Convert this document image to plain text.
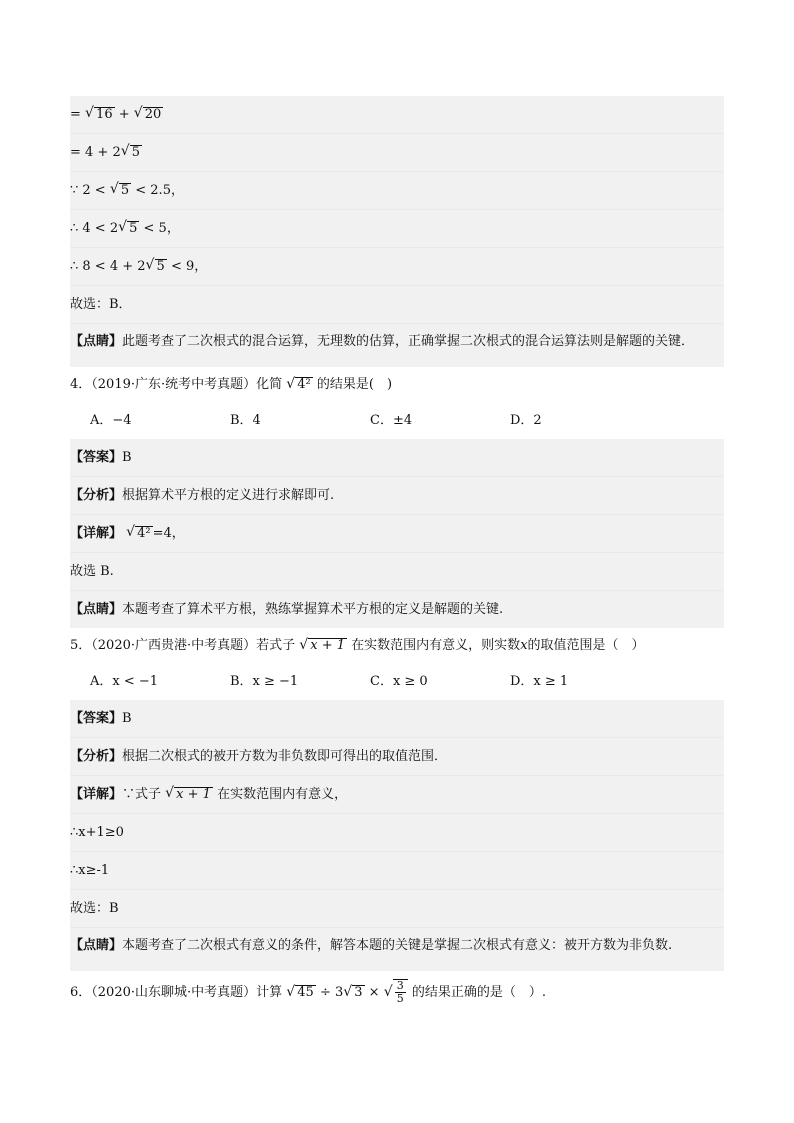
= √ 16 + √ 20
= 4 + 2 √ 5
∵ 2 < √ 5 < 2.5，
∴ 4 < 2 √ 5 < 5，
∴ 8 < 4 + 2 √ 5 < 9，
故选：B．
【点睛】此题考查了二次根式的混合运算，无理数的估算，正确掌握二次根式的混合运算法则是解题的关键．
4．（2019·广东·统考中考真题）化简 √ 4² 的结果是(　)
A．−4	B．4	C．±4	D．2
【答案】B
【分析】根据算术平方根的定义进行求解即可.
【详解】 √ 4² =4，
故选 B.
【点睛】本题考查了算术平方根，熟练掌握算术平方根的定义是解题的关键.
5．（2020·广西贵港·中考真题）若式子 √ x + 1 在实数范围内有意义，则实数x的取值范围是（　）
A．x < −1	B．x ≥ −1	C．x ≥ 0	D．x ≥ 1
【答案】B
【分析】根据二次根式的被开方数为非负数即可得出的取值范围．
【详解】∵式子 √ x + 1 在实数范围内有意义，
∴x+1≥0
∴x≥-1
故选：B
【点睛】本题考查了二次根式有意义的条件，解答本题的关键是掌握二次根式有意义：被开方数为非负数.
6．（2020·山东聊城·中考真题）计算 √ 45 ÷ 3 √ 3 × √ $\frac{3}{5}$ 的结果正确的是（　）.
